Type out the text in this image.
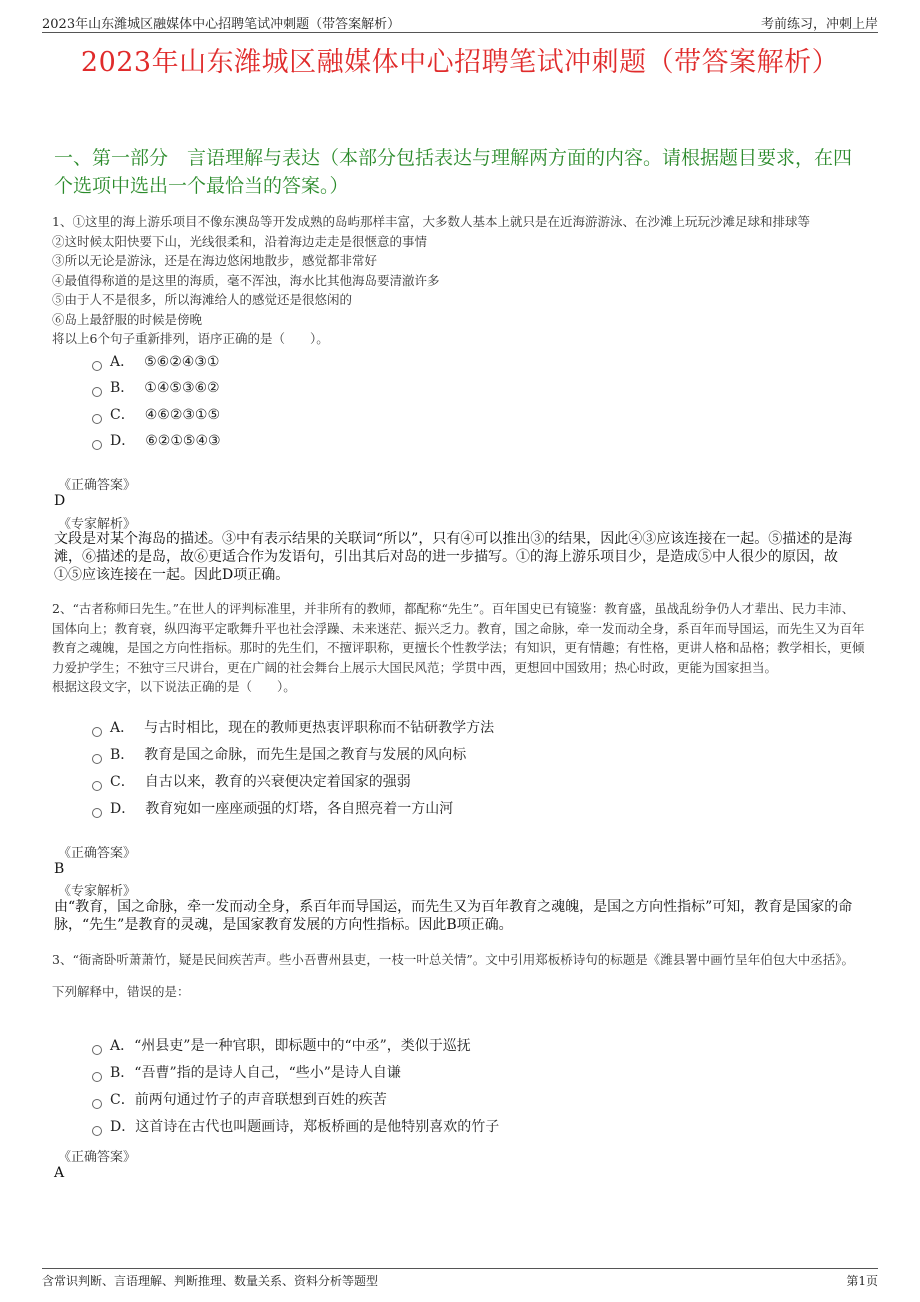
2023年山东潍城区融媒体中心招聘笔试冲刺题（带答案解析）	考前练习，冲刺上岸
2023年山东潍城区融媒体中心招聘笔试冲刺题（带答案解析）
一、第一部分　言语理解与表达（本部分包括表达与理解两方面的内容。请根据题目要求，在四个选项中选出一个最恰当的答案。）

1、①这里的海上游乐项目不像东澳岛等开发成熟的岛屿那样丰富，大多数人基本上就只是在近海游游泳、在沙滩上玩玩沙滩足球和排球等

②这时候太阳快要下山，光线很柔和，沿着海边走走是很惬意的事情

③所以无论是游泳，还是在海边悠闲地散步，感觉都非常好

④最值得称道的是这里的海质，毫不浑浊，海水比其他海岛要清澈许多

⑤由于人不是很多，所以海滩给人的感觉还是很悠闲的

⑥岛上最舒服的时候是傍晚

将以上6个句子重新排列，语序正确的是（　　）。

A． ⑤⑥②④③①
B． ①④⑤③⑥②
C． ④⑥②③①⑤
D． ⑥②①⑤④③
《正确答案》
D
《专家解析》
文段是对某个海岛的描述。③中有表示结果的关联词“所以”，只有④可以推出③的结果，因此④③应该连接在一起。⑤描述的是海滩，⑥描述的是岛，故⑥更适合作为发语句，引出其后对岛的进一步描写。①的海上游乐项目少，是造成⑤中人很少的原因，故①⑤应该连接在一起。因此D项正确。

2、“古者称师曰先生。”在世人的评判标准里，并非所有的教师，都配称“先生”。百年国史已有镜鉴：教育盛，虽战乱纷争仍人才辈出、民力丰沛、国体向上；教育衰，纵四海平定歌舞升平也社会浮躁、未来迷茫、振兴乏力。教育，国之命脉，牵一发而动全身，系百年而导国运，而先生又为百年教育之魂魄，是国之方向性指标。那时的先生们，不擅评职称，更擅长个性教学法；有知识，更有情趣；有性格，更讲人格和品格；教学相长，更倾力爱护学生；不独守三尺讲台，更在广阔的社会舞台上展示大国民风范；学贯中西，更想回中国致用；热心时政，更能为国家担当。

根据这段文字，以下说法正确的是（　　）。

A． 与古时相比，现在的教师更热衷评职称而不钻研教学方法
B． 教育是国之命脉，而先生是国之教育与发展的风向标
C． 自古以来，教育的兴衰便决定着国家的强弱
D． 教育宛如一座座顽强的灯塔，各自照亮着一方山河
《正确答案》
B
《专家解析》
由“教育，国之命脉，牵一发而动全身，系百年而导国运，而先生又为百年教育之魂魄，是国之方向性指标”可知，教育是国家的命脉，“先生”是教育的灵魂，是国家教育发展的方向性指标。因此B项正确。

3、“衙斋卧听萧萧竹，疑是民间疾苦声。些小吾曹州县吏，一枝一叶总关情”。文中引用郑板桥诗句的标题是《潍县署中画竹呈年伯包大中丞括》。

下列解释中，错误的是：

A． “州县吏”是一种官职，即标题中的“中丞”，类似于巡抚
B． “吾曹”指的是诗人自己，“些小”是诗人自谦
C． 前两句通过竹子的声音联想到百姓的疾苦
D． 这首诗在古代也叫题画诗，郑板桥画的是他特别喜欢的竹子
《正确答案》
A
含常识判断、言语理解、判断推理、数量关系、资料分析等题型	第1页
